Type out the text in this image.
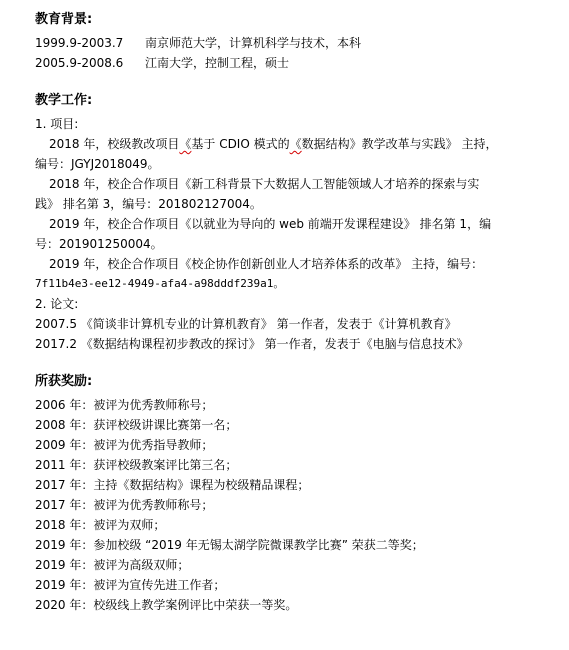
教育背景:
1999.9-2003.7 南京师范大学，计算机科学与技术，本科
2005.9-2008.6 江南大学，控制工程，硕士
教学工作:
1. 项目:
2018 年，校级教改项目《基于 CDIO 模式的《数据结构》教学改革与实践》 主持，
编号：JGYJ2018049。
2018 年，校企合作项目《新工科背景下大数据人工智能领域人才培养的探索与实
践》 排名第 3，编号：201802127004。
2019 年，校企合作项目《以就业为导向的 web 前端开发课程建设》 排名第 1，编
号：201901250004。
2019 年，校企合作项目《校企协作创新创业人才培养体系的改革》 主持，编号：
7f11b4e3-ee12-4949-afa4-a98dddf239a1。
2. 论文:
2007.5 《简谈非计算机专业的计算机教育》 第一作者，发表于《计算机教育》
2017.2 《数据结构课程初步教改的探讨》 第一作者，发表于《电脑与信息技术》
所获奖励:
2006 年：被评为优秀教师称号；
2008 年：获评校级讲课比赛第一名；
2009 年：被评为优秀指导教师；
2011 年：获评校级教案评比第三名；
2017 年：主持《数据结构》课程为校级精品课程；
2017 年：被评为优秀教师称号；
2018 年：被评为双师；
2019 年：参加校级 “2019 年无锡太湖学院微课教学比赛” 荣获二等奖；
2019 年：被评为高级双师；
2019 年：被评为宣传先进工作者；
2020 年：校级线上教学案例评比中荣获一等奖。
